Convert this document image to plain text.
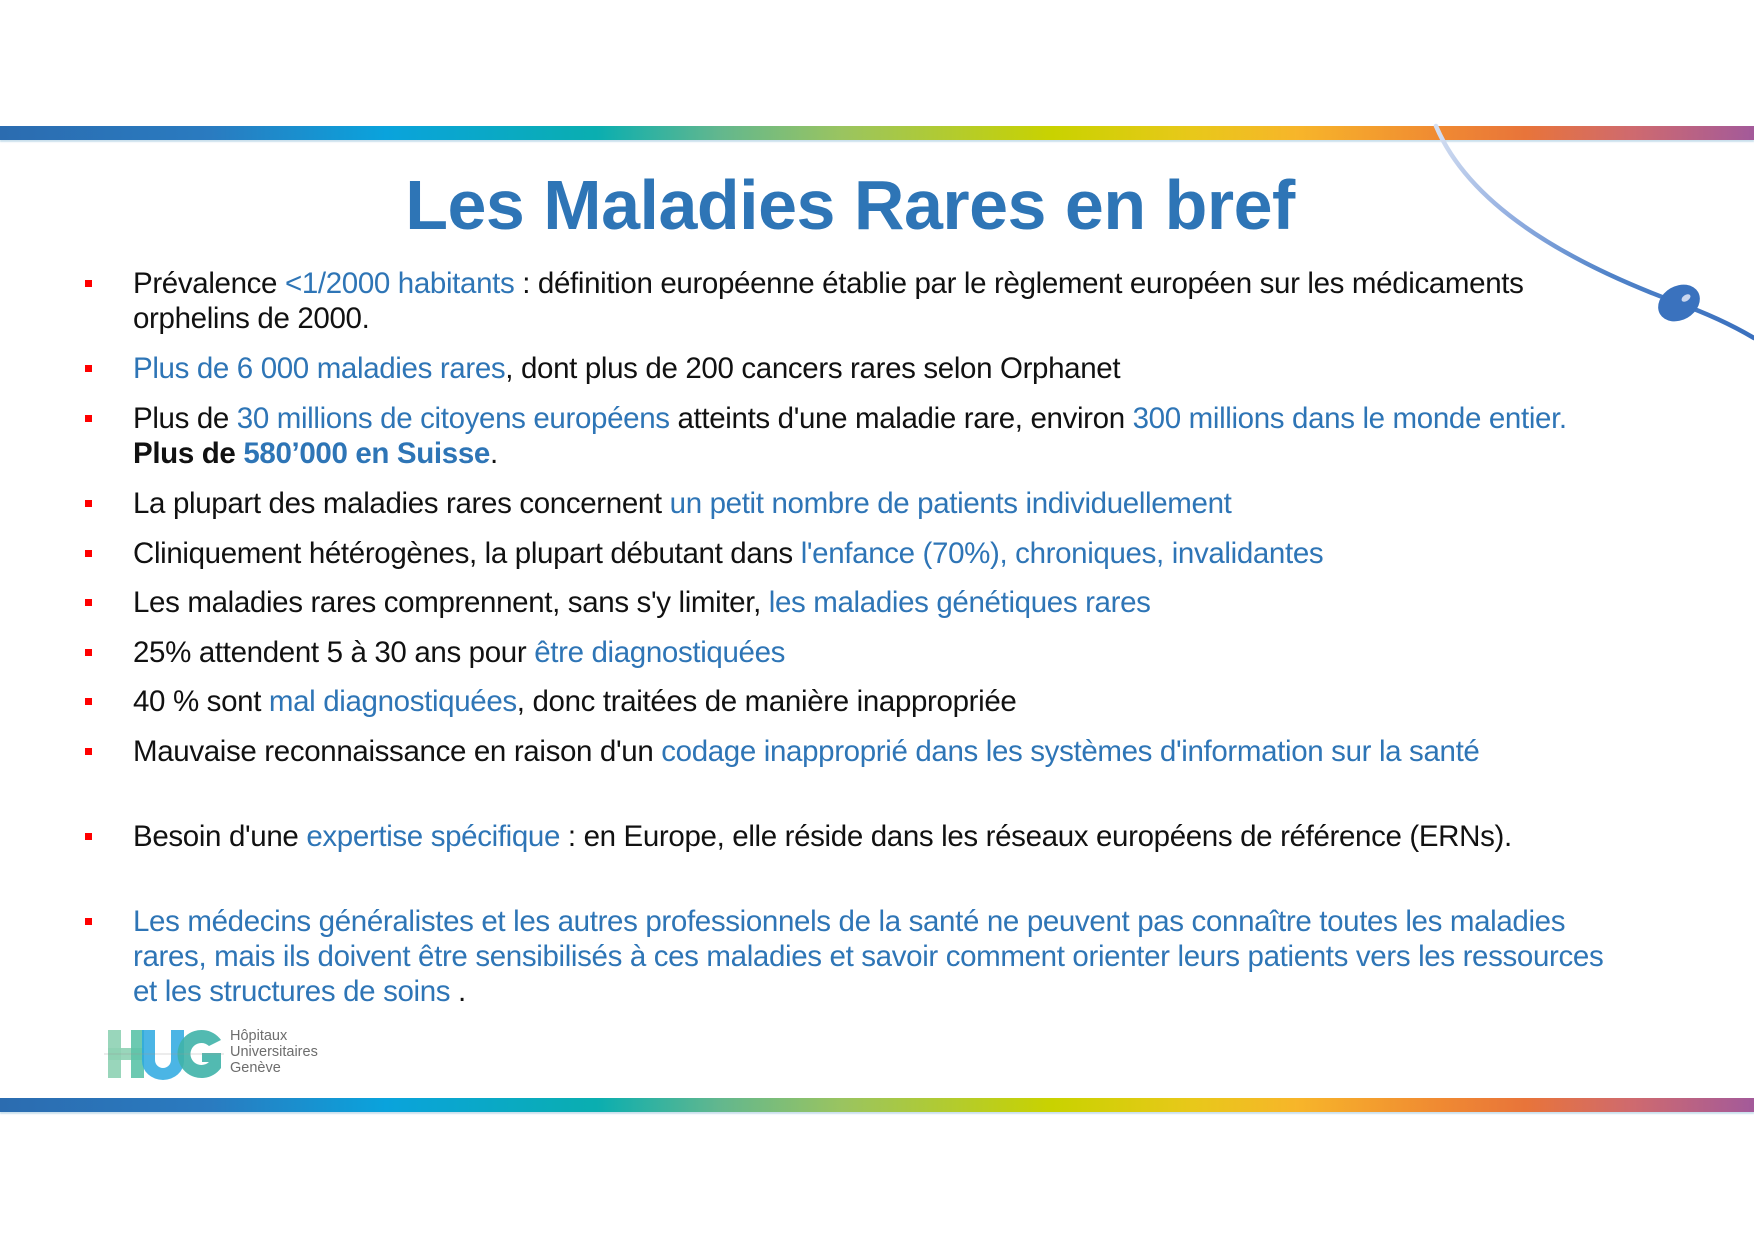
Les Maladies Rares en bref
Prévalence <1/2000 habitants : définition européenne établie par le règlement européen sur les médicaments orphelins de 2000.
Plus de 6 000 maladies rares, dont plus de 200 cancers rares selon Orphanet
Plus de 30 millions de citoyens européens atteints d'une maladie rare, environ 300 millions dans le monde entier. Plus de 580’000 en Suisse.
La plupart des maladies rares concernent un petit nombre de patients individuellement
Cliniquement hétérogènes, la plupart débutant dans l'enfance (70%), chroniques, invalidantes
Les maladies rares comprennent, sans s'y limiter, les maladies génétiques rares
25% attendent 5 à 30 ans pour être diagnostiquées
40 % sont mal diagnostiquées, donc traitées de manière inappropriée
Mauvaise reconnaissance en raison d'un codage inapproprié dans les systèmes d'information sur la santé
Besoin d'une expertise spécifique : en Europe, elle réside dans les réseaux européens de référence (ERNs).
Les médecins généralistes et les autres professionnels de la santé ne peuvent pas connaître toutes les maladies rares, mais ils doivent être sensibilisés à ces maladies et savoir comment orienter leurs patients vers les ressources et les structures de soins .
Hôpitaux
Universitaires
Genève
